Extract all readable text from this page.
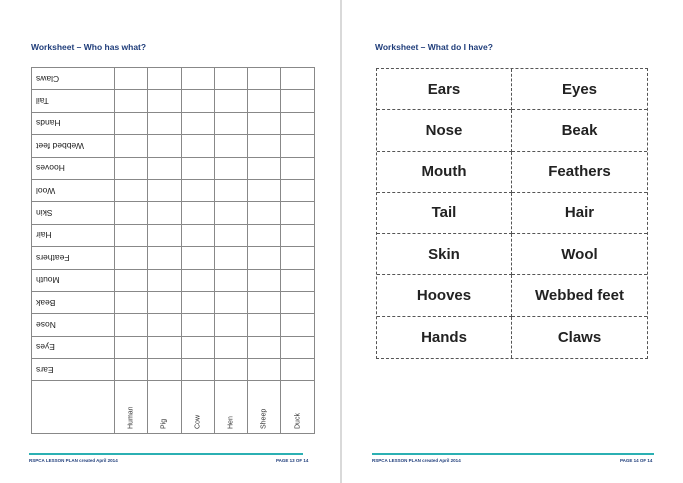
Worksheet – Who has what?
Claws						
Tail						
Hands						
Webbed feet						
Hooves						
Wool						
Skin						
Hair						
Feathers						
Mouth						
Beak						
Nose						
Eyes						
Ears						

	Human	Pig	Cow	Hen	Sheep	Duck
RSPCA LESSON PLAN created April 2014	PAGE 13 OF 14
Worksheet – What do I have?
Ears	Eyes
Nose	Beak
Mouth	Feathers
Tail	Hair
Skin	Wool
Hooves	Webbed feet
Hands	Claws
RSPCA LESSON PLAN created April 2014	PAGE 14 OF 14
